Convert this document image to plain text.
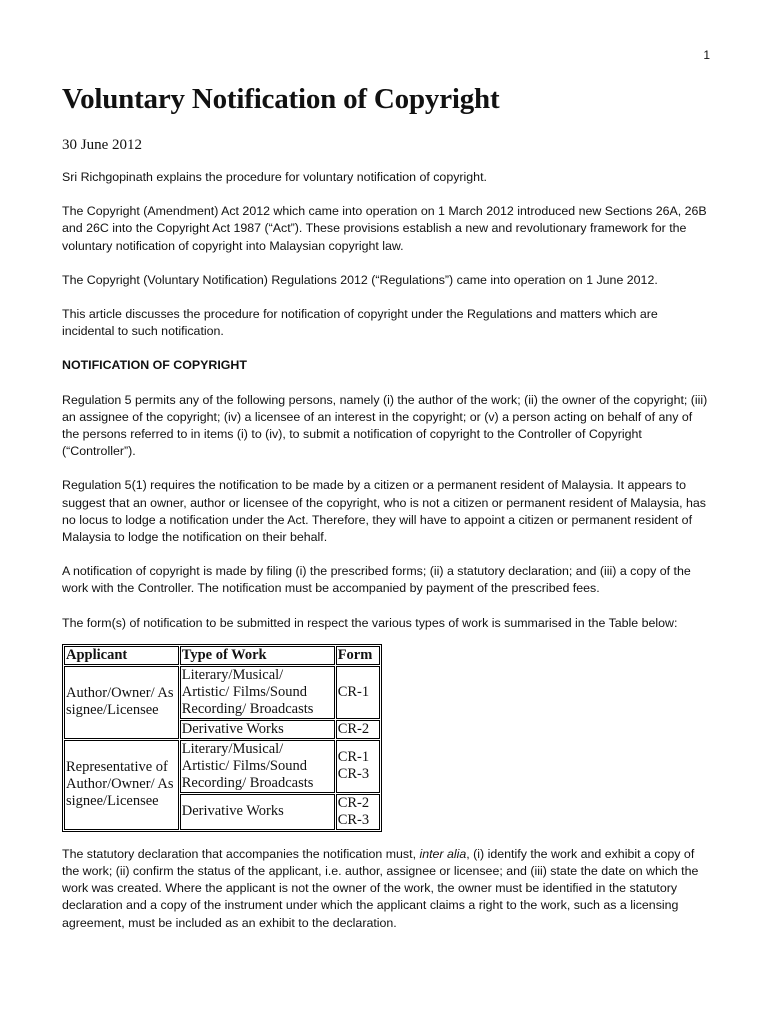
1
Voluntary Notification of Copyright
30 June 2012

Sri Richgopinath explains the procedure for voluntary notification of copyright.

The Copyright (Amendment) Act 2012 which came into operation on 1 March 2012 introduced new Sections 26A, 26B and 26C into the Copyright Act 1987 (“Act”). These provisions establish a new and revolutionary framework for the voluntary notification of copyright into Malaysian copyright law.

The Copyright (Voluntary Notification) Regulations 2012 (“Regulations”) came into operation on 1 June 2012.

This article discusses the procedure for notification of copyright under the Regulations and matters which are incidental to such notification.

NOTIFICATION OF COPYRIGHT

Regulation 5 permits any of the following persons, namely (i) the author of the work; (ii) the owner of the copyright; (iii) an assignee of the copyright; (iv) a licensee of an interest in the copyright; or (v) a person acting on behalf of any of the persons referred to in items (i) to (iv), to submit a notification of copyright to the Controller of Copyright (“Controller”).

Regulation 5(1) requires the notification to be made by a citizen or a permanent resident of Malaysia. It appears to suggest that an owner, author or licensee of the copyright, who is not a citizen or permanent resident of Malaysia, has no locus to lodge a notification under the Act. Therefore, they will have to appoint a citizen or permanent resident of Malaysia to lodge the notification on their behalf.

A notification of copyright is made by filing (i) the prescribed forms; (ii) a statutory declaration; and (iii) a copy of the work with the Controller. The notification must be accompanied by payment of the prescribed fees.

The form(s) of notification to be submitted in respect the various types of work is summarised in the Table below:

Applicant	Type of Work	Form
Author/Owner/ Assignee/Licensee	Literary/Musical/ Artistic/ Films/Sound Recording/ Broadcasts	CR-1

	Derivative Works	CR-2

Representative of Author/Owner/ Assignee/Licensee	Literary/Musical/ Artistic/ Films/Sound Recording/ Broadcasts	CR-1
CR-3

	Derivative Works	CR-2
CR-3

The statutory declaration that accompanies the notification must, inter alia, (i) identify the work and exhibit a copy of the work; (ii) confirm the status of the applicant, i.e. author, assignee or licensee; and (iii) state the date on which the work was created. Where the applicant is not the owner of the work, the owner must be identified in the statutory declaration and a copy of the instrument under which the applicant claims a right to the work, such as a licensing agreement, must be included as an exhibit to the declaration.
